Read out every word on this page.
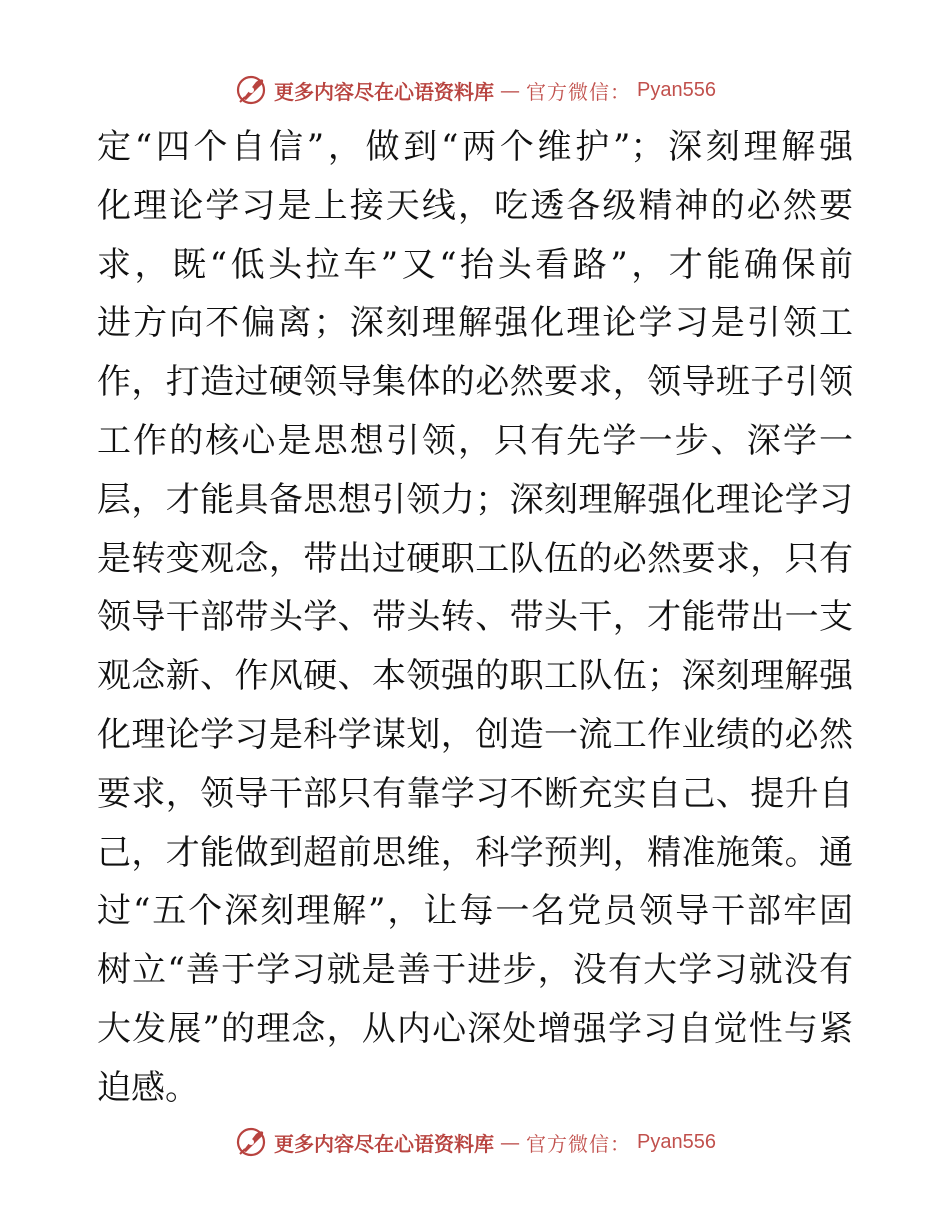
更多内容尽在心语资料库 — 官方微信： Pyan556
定“四个自信”，做到“两个维护”；深刻理解强
化理论学习是上接天线，吃透各级精神的必然要
求，既“低头拉车”又“抬头看路”，才能确保前
进方向不偏离；深刻理解强化理论学习是引领工
作，打造过硬领导集体的必然要求，领导班子引领
工作的核心是思想引领，只有先学一步、深学一
层，才能具备思想引领力；深刻理解强化理论学习
是转变观念，带出过硬职工队伍的必然要求，只有
领导干部带头学、带头转、带头干，才能带出一支
观念新、作风硬、本领强的职工队伍；深刻理解强
化理论学习是科学谋划，创造一流工作业绩的必然
要求，领导干部只有靠学习不断充实自己、提升自
己，才能做到超前思维，科学预判，精准施策。通
过“五个深刻理解”，让每一名党员领导干部牢固
树立“善于学习就是善于进步，没有大学习就没有
大发展”的理念，从内心深处增强学习自觉性与紧
迫感。
更多内容尽在心语资料库 — 官方微信： Pyan556
